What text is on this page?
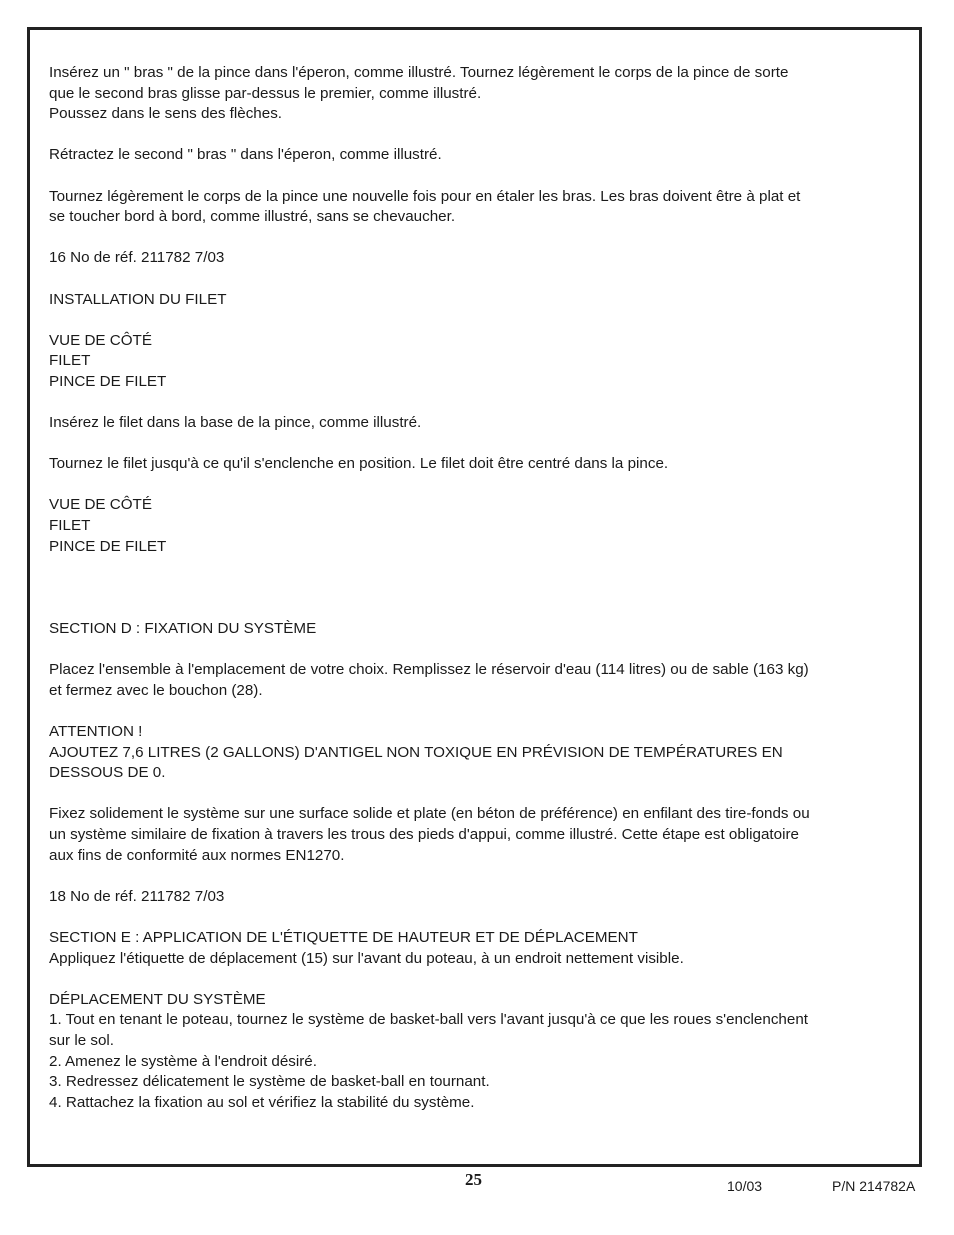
Insérez un " bras " de la pince dans l'éperon, comme illustré. Tournez légèrement le corps de la pince de sorte
que le second bras glisse par-dessus le premier, comme illustré.
Poussez dans le sens des flèches.
Rétractez le second " bras " dans l'éperon, comme illustré.
Tournez légèrement le corps de la pince une nouvelle fois pour en étaler les bras. Les bras doivent être à plat et
se toucher bord à bord, comme illustré, sans se chevaucher.
16 No de réf. 211782 7/03
INSTALLATION DU FILET
VUE DE CÔTÉ
FILET
PINCE DE FILET
Insérez le filet dans la base de la pince, comme illustré.
Tournez le filet jusqu'à ce qu'il s'enclenche en position. Le filet doit être centré dans la pince.
VUE DE CÔTÉ
FILET
PINCE DE FILET
SECTION D : FIXATION DU SYSTÈME
Placez l'ensemble à l'emplacement de votre choix. Remplissez le réservoir d'eau (114 litres) ou de sable (163 kg)
et fermez avec le bouchon (28).
ATTENTION !
AJOUTEZ 7,6 LITRES (2 GALLONS) D'ANTIGEL NON TOXIQUE EN PRÉVISION DE TEMPÉRATURES EN
DESSOUS DE 0.
Fixez solidement le système sur une surface solide et plate (en béton de préférence) en enfilant des tire-fonds ou
un système similaire de fixation à travers les trous des pieds d'appui, comme illustré. Cette étape est obligatoire
aux fins de conformité aux normes EN1270.
18 No de réf. 211782 7/03
SECTION E : APPLICATION DE L'ÉTIQUETTE DE HAUTEUR ET DE DÉPLACEMENT
Appliquez l'étiquette de déplacement (15) sur l'avant du poteau, à un endroit nettement visible.
DÉPLACEMENT DU SYSTÈME
1. Tout en tenant le poteau, tournez le système de basket-ball vers l'avant jusqu'à ce que les roues s'enclenchent
sur le sol.
2. Amenez le système à l'endroit désiré.
3. Redressez délicatement le système de basket-ball en tournant.
4. Rattachez la fixation au sol et vérifiez la stabilité du système.
25	10/03	P/N 214782A
